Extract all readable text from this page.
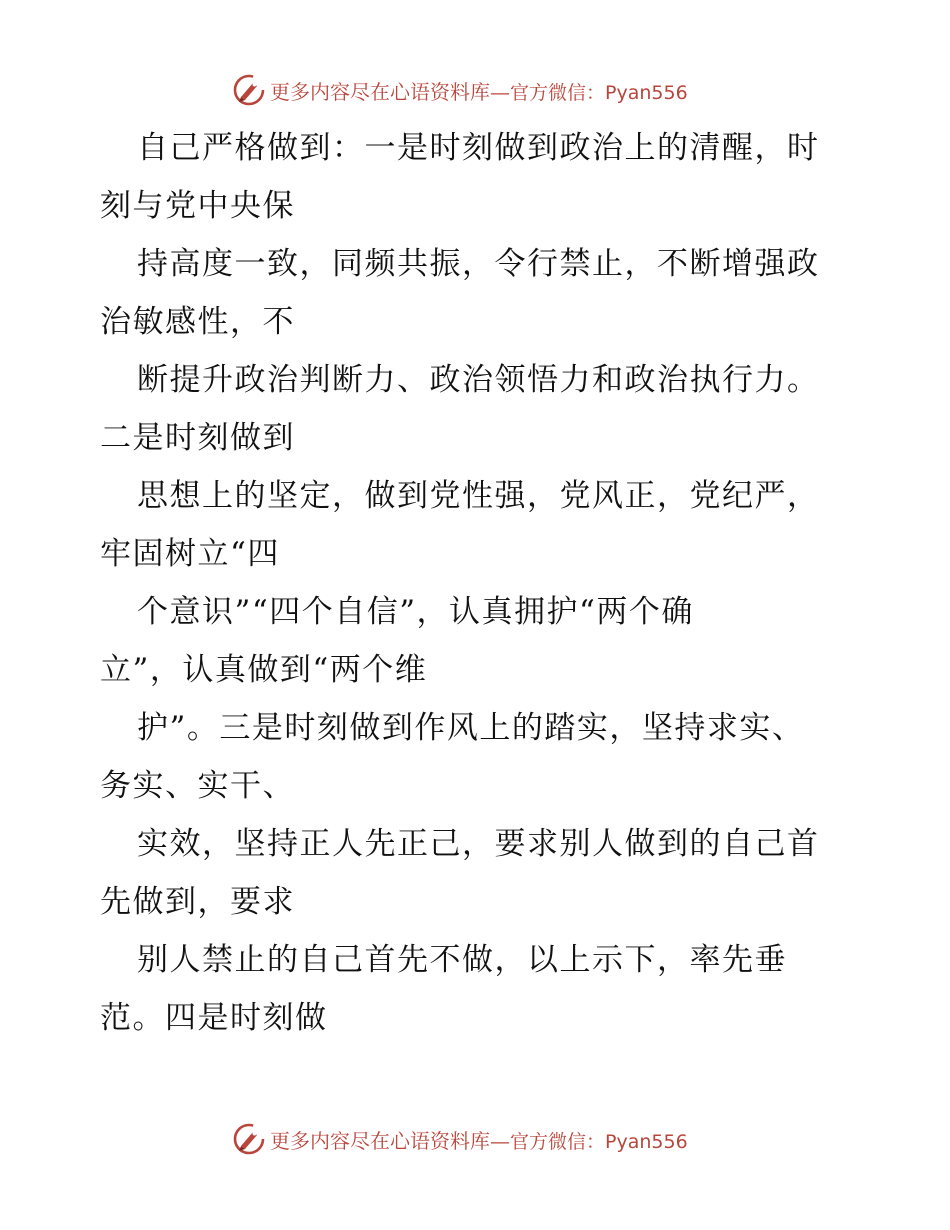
更多内容尽在心语资料库—官方微信：Pyan556

自己严格做到：一是时刻做到政治上的清醒，时

刻与党中央保

持高度一致，同频共振，令行禁止，不断增强政

治敏感性，不

断提升政治判断力、政治领悟力和政治执行力。

二是时刻做到

思想上的坚定，做到党性强，党风正，党纪严，

牢固树立“四

个意识”“四个自信”，认真拥护“两个确

立”，认真做到“两个维

护”。三是时刻做到作风上的踏实，坚持求实、

务实、实干、

实效，坚持正人先正己，要求别人做到的自己首

先做到，要求

别人禁止的自己首先不做，以上示下，率先垂

范。四是时刻做

更多内容尽在心语资料库—官方微信：Pyan556
